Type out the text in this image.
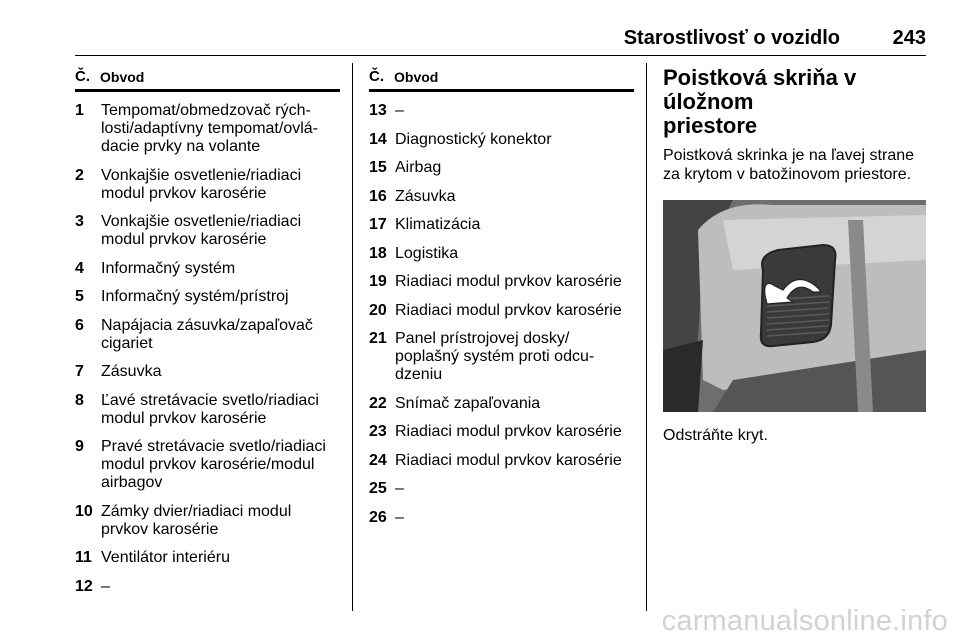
Starostlivosť o vozidlo	243
Č. Obvod
1	Tempomat/obmedzovač rých-
losti/adaptívny tempomat/ovlá-
dacie prvky na volante
2	Vonkajšie osvetlenie/riadiaci
modul prvkov karosérie
3	Vonkajšie osvetlenie/riadiaci
modul prvkov karosérie
4	Informačný systém
5	Informačný systém/prístroj
6	Napájacia zásuvka/zapaľovač
cigariet
7	Zásuvka
8	Ľavé stretávacie svetlo/riadiaci
modul prvkov karosérie
9	Pravé stretávacie svetlo/riadiaci
modul prvkov karosérie/modul
airbagov
10 Zámky dvier/riadiaci modul
prvkov karosérie
11 Ventilátor interiéru
12 –
Č. Obvod
13 –
14 Diagnostický konektor
15 Airbag
16 Zásuvka
17 Klimatizácia
18 Logistika
19 Riadiaci modul prvkov karosérie
20 Riadiaci modul prvkov karosérie
21 Panel prístrojovej dosky/
poplašný systém proti odcu-
dzeniu
22 Snímač zapaľovania
23 Riadiaci modul prvkov karosérie
24 Riadiaci modul prvkov karosérie
25 –
26 –
Poistková skriňa v úložnom
priestore
Poistková skrinka je na ľavej strane
za krytom v batožinovom priestore.
Odstráňte kryt.
carmanualsonline.info
